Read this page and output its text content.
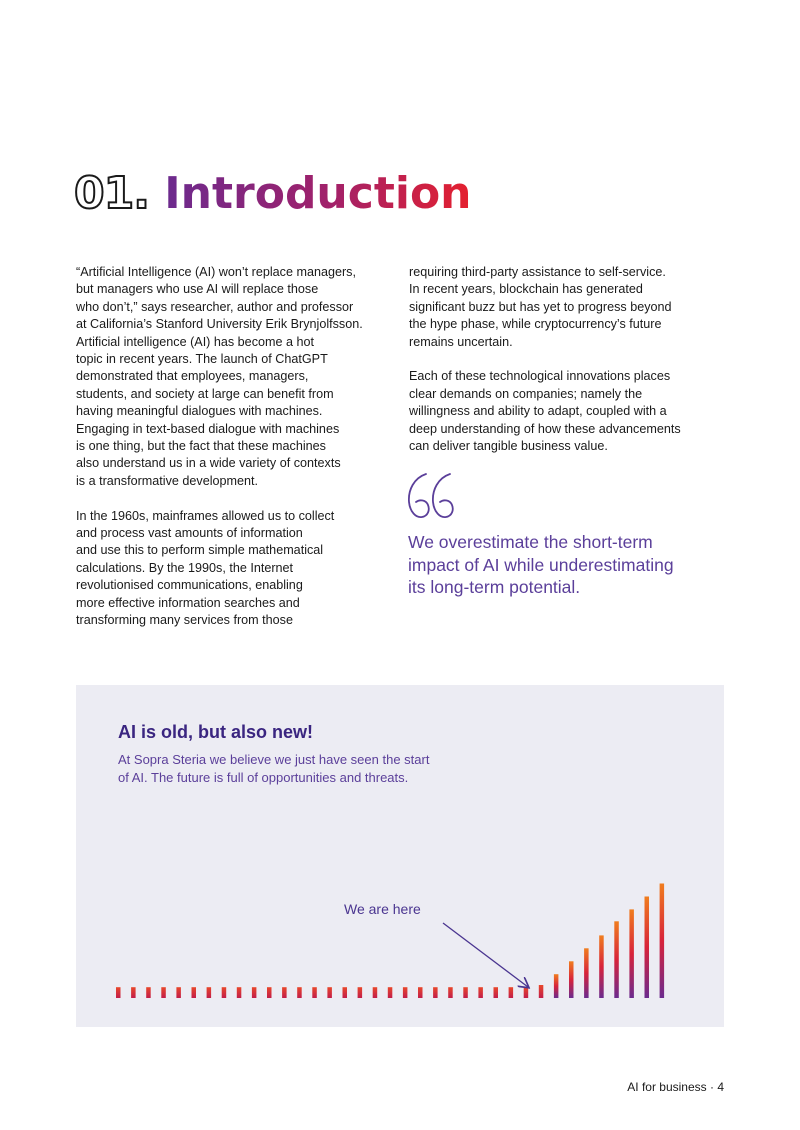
01. Introduction

“Artificial Intelligence (AI) won’t replace managers,
but managers who use AI will replace those
who don’t,” says researcher, author and professor
at California’s Stanford University Erik Brynjolfsson.
Artificial intelligence (AI) has become a hot
topic in recent years. The launch of ChatGPT
demonstrated that employees, managers,
students, and society at large can benefit from
having meaningful dialogues with machines.
Engaging in text-based dialogue with machines
is one thing, but the fact that these machines
also understand us in a wide variety of contexts
is a transformative development.

In the 1960s, mainframes allowed us to collect
and process vast amounts of information
and use this to perform simple mathematical
calculations. By the 1990s, the Internet
revolutionised communications, enabling
more effective information searches and
transforming many services from those

requiring third-party assistance to self-service.
In recent years, blockchain has generated
significant buzz but has yet to progress beyond
the hype phase, while cryptocurrency’s future
remains uncertain.

Each of these technological innovations places
clear demands on companies; namely the
willingness and ability to adapt, coupled with a
deep understanding of how these advancements
can deliver tangible business value.

We overestimate the short-term
impact of AI while underestimating
its long-term potential.

AI is old, but also new!

At Sopra Steria we believe we just have seen the start
of AI. The future is full of opportunities and threats.

We are here

AI for business · 4
